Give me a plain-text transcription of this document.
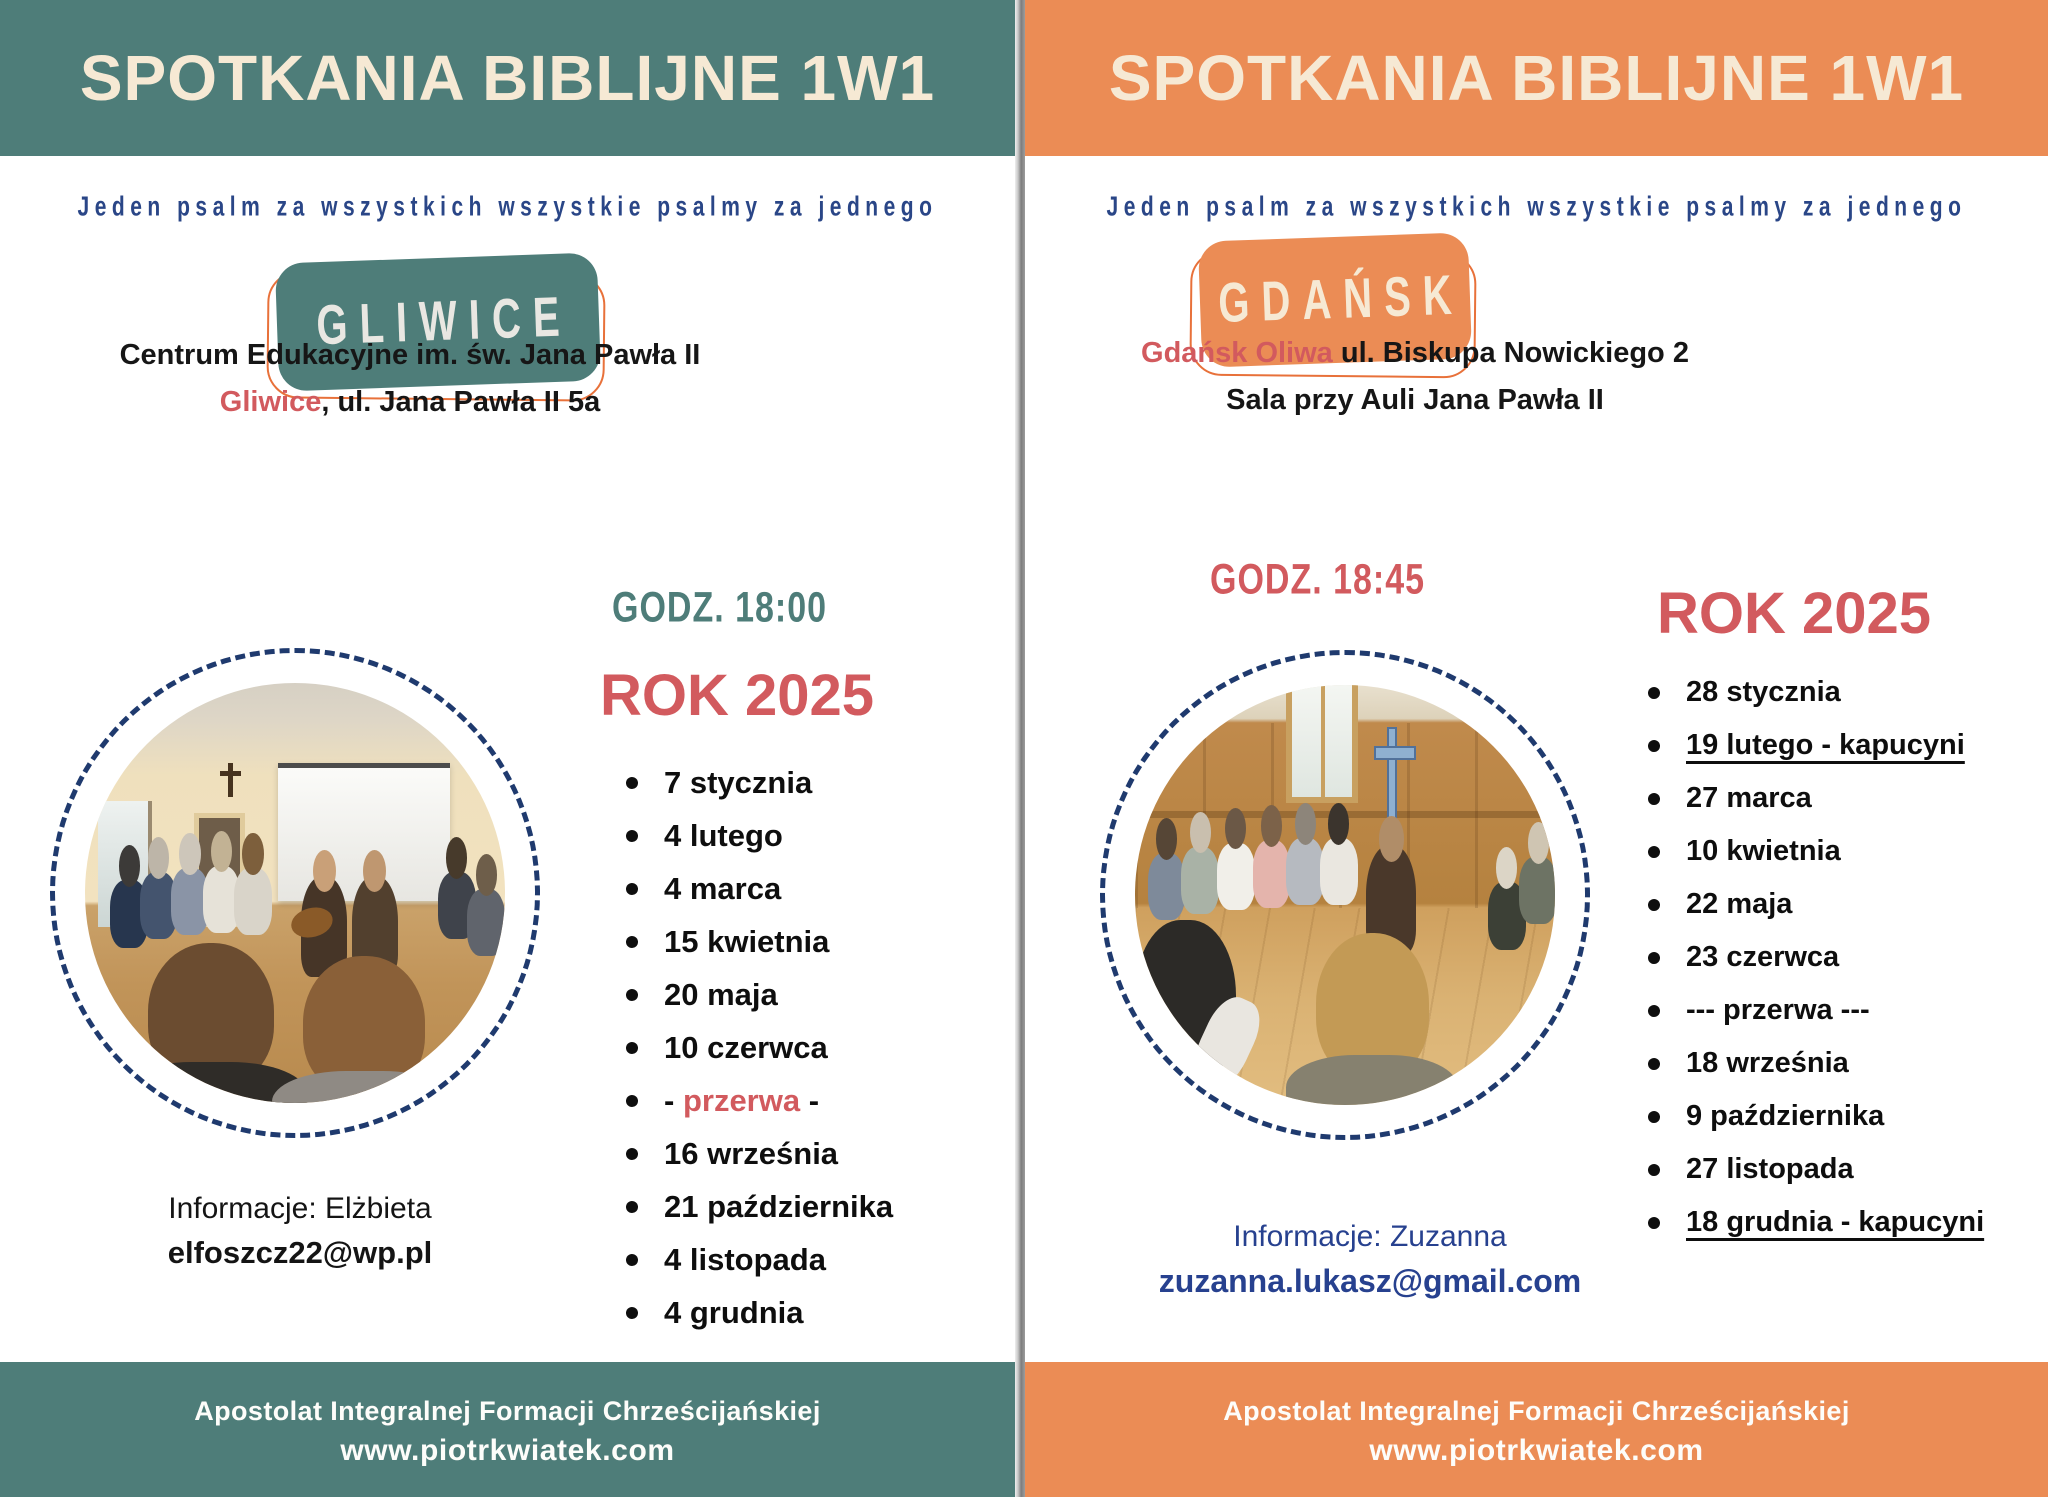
SPOTKANIA BIBLIJNE 1W1
Jeden psalm za wszystkich wszystkie psalmy za jednego
GLIWICE
Centrum Edukacyjne im. św. Jana Pawła II
Gliwice, ul. Jana Pawła II 5a
GODZ. 18:00
ROK 2025
7 stycznia
4 lutego
4 marca
15 kwietnia
20 maja
10 czerwca
- przerwa -
16 września
21 października
4 listopada
4 grudnia
Informacje: Elżbieta
elfoszcz22@wp.pl
Apostolat Integralnej Formacji Chrześcijańskiej
www.piotrkwiatek.com
SPOTKANIA BIBLIJNE 1W1
Jeden psalm za wszystkich wszystkie psalmy za jednego
GDAŃSK
Gdańsk Oliwa ul. Biskupa Nowickiego 2
Sala przy Auli Jana Pawła II
GODZ. 18:45
ROK 2025
28 stycznia
19 lutego - kapucyni
27 marca
10 kwietnia
22 maja
23 czerwca
--- przerwa ---
18 września
9 października
27 listopada
18 grudnia - kapucyni
Informacje: Zuzanna
zuzanna.lukasz@gmail.com
Apostolat Integralnej Formacji Chrześcijańskiej
www.piotrkwiatek.com
